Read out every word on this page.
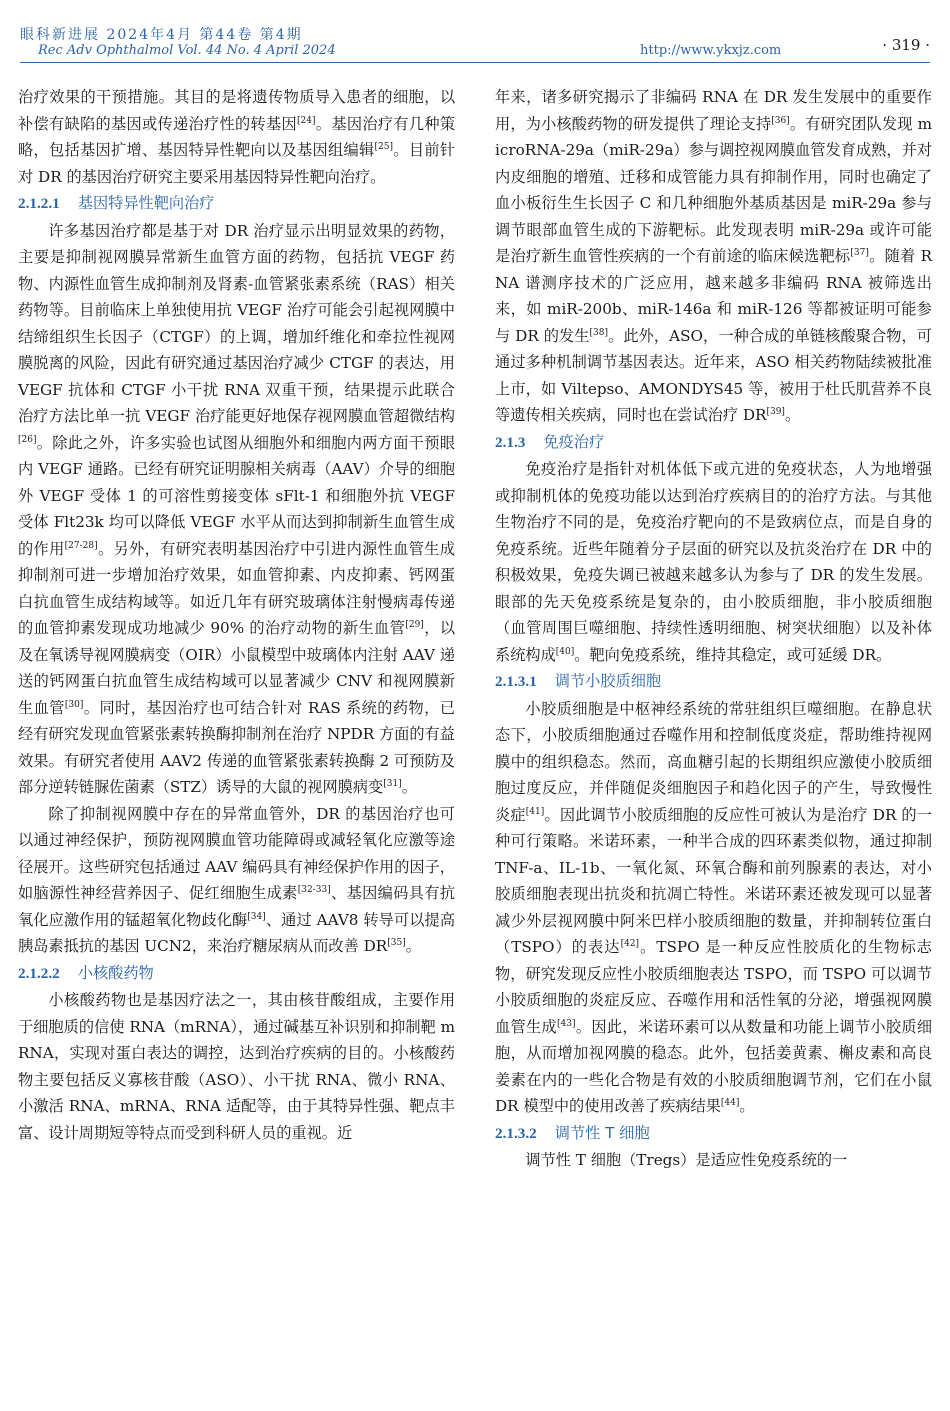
眼科新进展 2024年4月 第44卷 第4期
Rec Adv Ophthalmol Vol. 44 No. 4 April 2024	http://www.ykxjz.com	· 319 ·

治疗效果的干预措施。其目的是将遗传物质导入患者的细胞，以补偿有缺陷的基因或传递治疗性的转基因[24]。基因治疗有几种策略，包括基因扩增、基因特异性靶向以及基因组编辑[25]。目前针对 DR 的基因治疗研究主要采用基因特异性靶向治疗。

2.1.2.1 基因特异性靶向治疗

许多基因治疗都是基于对 DR 治疗显示出明显效果的药物，主要是抑制视网膜异常新生血管方面的药物，包括抗 VEGF 药物、内源性血管生成抑制剂及肾素-血管紧张素系统（RAS）相关药物等。目前临床上单独使用抗 VEGF 治疗可能会引起视网膜中结缔组织生长因子（CTGF）的上调，增加纤维化和牵拉性视网膜脱离的风险，因此有研究通过基因治疗减少 CTGF 的表达，用 VEGF 抗体和 CTGF 小干扰 RNA 双重干预，结果提示此联合治疗方法比单一抗 VEGF 治疗能更好地保存视网膜血管超微结构[26]。除此之外，许多实验也试图从细胞外和细胞内两方面干预眼内 VEGF 通路。已经有研究证明腺相关病毒（AAV）介导的细胞外 VEGF 受体 1 的可溶性剪接变体 sFlt-1 和细胞外抗 VEGF 受体 Flt23k 均可以降低 VEGF 水平从而达到抑制新生血管生成的作用[27-28]。另外，有研究表明基因治疗中引进内源性血管生成抑制剂可进一步增加治疗效果，如血管抑素、内皮抑素、钙网蛋白抗血管生成结构域等。如近几年有研究玻璃体注射慢病毒传递的血管抑素发现成功地减少 90% 的治疗动物的新生血管[29]，以及在氧诱导视网膜病变（OIR）小鼠模型中玻璃体内注射 AAV 递送的钙网蛋白抗血管生成结构域可以显著减少 CNV 和视网膜新生血管[30]。同时，基因治疗也可结合针对 RAS 系统的药物，已经有研究发现血管紧张素转换酶抑制剂在治疗 NPDR 方面的有益效果。有研究者使用 AAV2 传递的血管紧张素转换酶 2 可预防及部分逆转链脲佐菌素（STZ）诱导的大鼠的视网膜病变[31]。

除了抑制视网膜中存在的异常血管外，DR 的基因治疗也可以通过神经保护，预防视网膜血管功能障碍或减轻氧化应激等途径展开。这些研究包括通过 AAV 编码具有神经保护作用的因子，如脑源性神经营养因子、促红细胞生成素[32-33]、基因编码具有抗氧化应激作用的锰超氧化物歧化酶[34]、通过 AAV8 转导可以提高胰岛素抵抗的基因 UCN2，来治疗糖尿病从而改善 DR[35]。

2.1.2.2 小核酸药物

小核酸药物也是基因疗法之一，其由核苷酸组成，主要作用于细胞质的信使 RNA（mRNA），通过碱基互补识别和抑制靶 mRNA，实现对蛋白表达的调控，达到治疗疾病的目的。小核酸药物主要包括反义寡核苷酸（ASO）、小干扰 RNA、微小 RNA、小激活 RNA、mRNA、RNA 适配等，由于其特异性强、靶点丰富、设计周期短等特点而受到科研人员的重视。近

年来，诸多研究揭示了非编码 RNA 在 DR 发生发展中的重要作用，为小核酸药物的研发提供了理论支持[36]。有研究团队发现 microRNA-29a（miR-29a）参与调控视网膜血管发育成熟，并对内皮细胞的增殖、迁移和成管能力具有抑制作用，同时也确定了血小板衍生生长因子 C 和几种细胞外基质基因是 miR-29a 参与调节眼部血管生成的下游靶标。此发现表明 miR-29a 或许可能是治疗新生血管性疾病的一个有前途的临床候选靶标[37]。随着 RNA 谱测序技术的广泛应用，越来越多非编码 RNA 被筛选出来，如 miR-200b、miR-146a 和 miR-126 等都被证明可能参与 DR 的发生[38]。此外，ASO，一种合成的单链核酸聚合物，可通过多种机制调节基因表达。近年来，ASO 相关药物陆续被批准上市，如 Viltepso、AMONDYS45 等，被用于杜氏肌营养不良等遗传相关疾病，同时也在尝试治疗 DR[39]。

2.1.3 免疫治疗

免疫治疗是指针对机体低下或亢进的免疫状态，人为地增强或抑制机体的免疫功能以达到治疗疾病目的的治疗方法。与其他生物治疗不同的是，免疫治疗靶向的不是致病位点，而是自身的免疫系统。近些年随着分子层面的研究以及抗炎治疗在 DR 中的积极效果，免疫失调已被越来越多认为参与了 DR 的发生发展。眼部的先天免疫系统是复杂的，由小胶质细胞，非小胶质细胞（血管周围巨噬细胞、持续性透明细胞、树突状细胞）以及补体系统构成[40]。靶向免疫系统，维持其稳定，或可延缓 DR。

2.1.3.1 调节小胶质细胞

小胶质细胞是中枢神经系统的常驻组织巨噬细胞。在静息状态下，小胶质细胞通过吞噬作用和控制低度炎症，帮助维持视网膜中的组织稳态。然而，高血糖引起的长期组织应激使小胶质细胞过度反应，并伴随促炎细胞因子和趋化因子的产生，导致慢性炎症[41]。因此调节小胶质细胞的反应性可被认为是治疗 DR 的一种可行策略。米诺环素，一种半合成的四环素类似物，通过抑制 TNF-a、IL-1b、一氧化氮、环氧合酶和前列腺素的表达，对小胶质细胞表现出抗炎和抗凋亡特性。米诺环素还被发现可以显著减少外层视网膜中阿米巴样小胶质细胞的数量，并抑制转位蛋白（TSPO）的表达[42]。TSPO 是一种反应性胶质化的生物标志物，研究发现反应性小胶质细胞表达 TSPO，而 TSPO 可以调节小胶质细胞的炎症反应、吞噬作用和活性氧的分泌，增强视网膜血管生成[43]。因此，米诺环素可以从数量和功能上调节小胶质细胞，从而增加视网膜的稳态。此外，包括姜黄素、槲皮素和高良姜素在内的一些化合物是有效的小胶质细胞调节剂，它们在小鼠 DR 模型中的使用改善了疾病结果[44]。

2.1.3.2 调节性 T 细胞

调节性 T 细胞（Tregs）是适应性免疫系统的一
